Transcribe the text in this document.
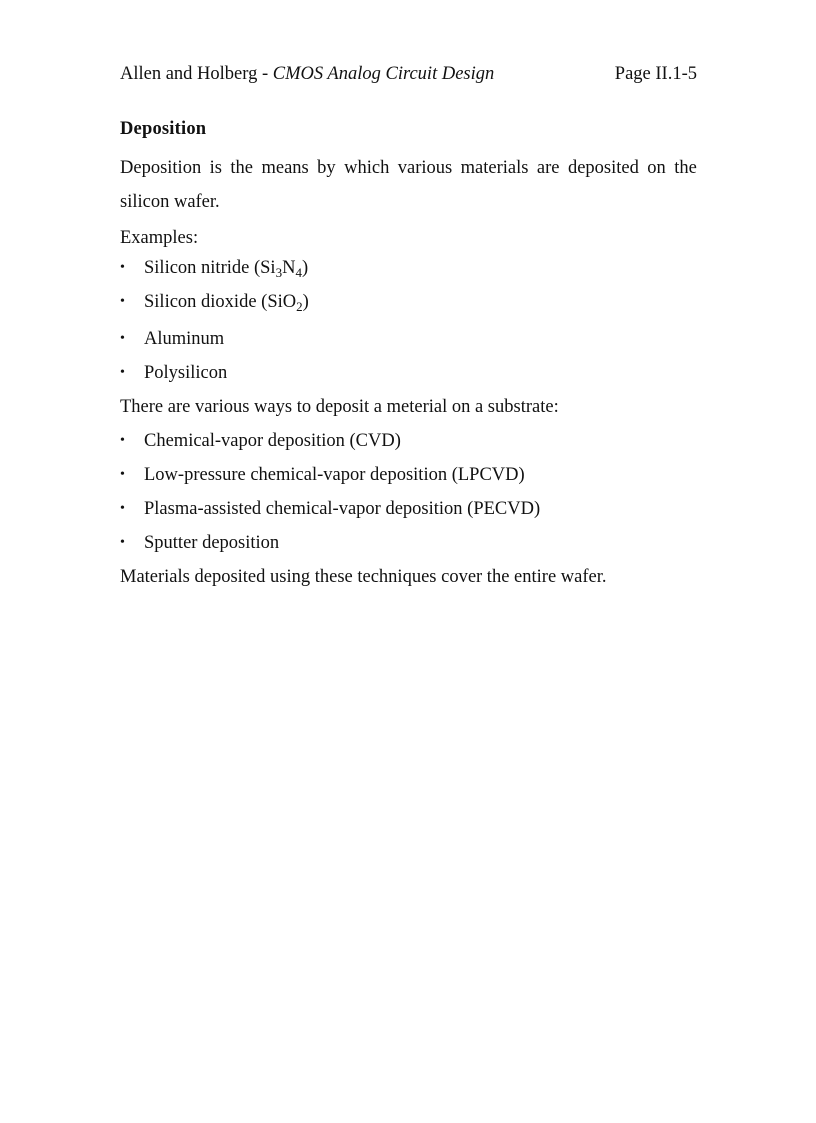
Allen and Holberg - CMOS Analog Circuit Design	Page II.1-5
Deposition
Deposition is the means by which various materials are deposited on the
silicon wafer.
Examples:
• Silicon nitride $(Si_3N_4)$
• Silicon dioxide (SiO$_2$)
• Aluminum
• Polysilicon
There are various ways to deposit a meterial on a substrate:
• Chemical-vapor deposition (CVD)
• Low-pressure chemical-vapor deposition (LPCVD)
• Plasma-assisted chemical-vapor deposition (PECVD)
• Sputter deposition
Materials deposited using these techniques cover the entire wafer.
